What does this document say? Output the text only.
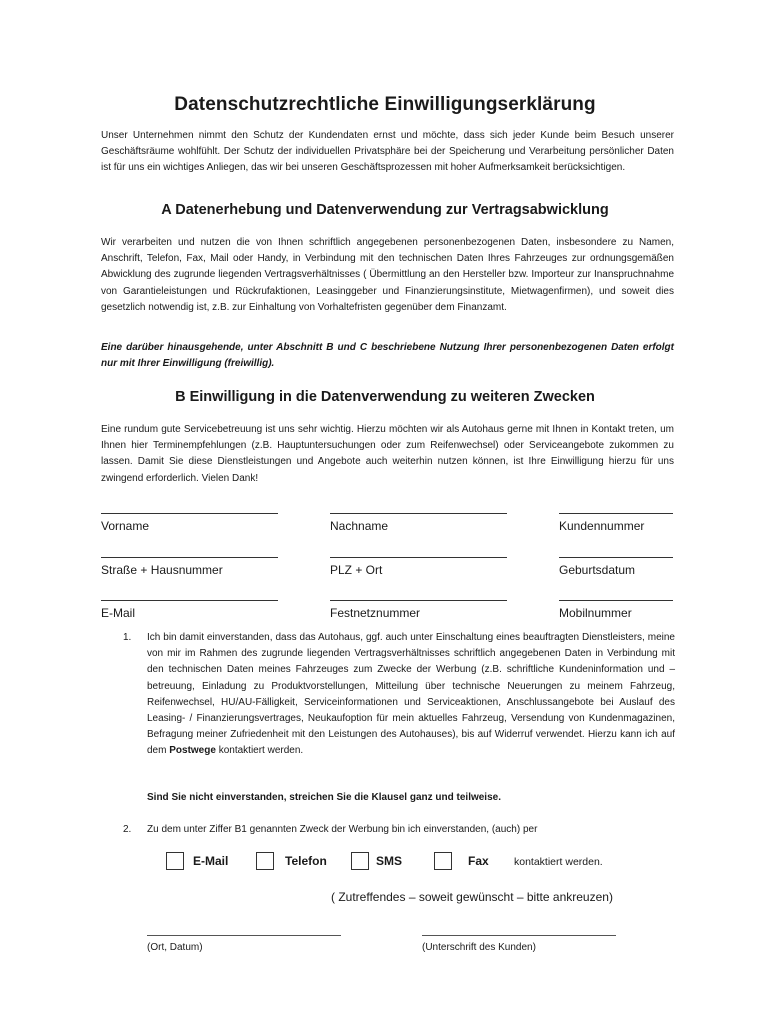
Datenschutzrechtliche Einwilligungserklärung

Unser Unternehmen nimmt den Schutz der Kundendaten ernst und möchte, dass sich jeder Kunde beim Besuch unserer Geschäftsräume wohlfühlt. Der Schutz der individuellen Privatsphäre bei der Speicherung und Verarbeitung persönlicher Daten ist für uns ein wichtiges Anliegen, das wir bei unseren Geschäftsprozessen mit hoher Aufmerksamkeit berücksichtigen.

A Datenerhebung und Datenverwendung zur Vertragsabwicklung

Wir verarbeiten und nutzen die von Ihnen schriftlich angegebenen personenbezogenen Daten, insbesondere zu Namen, Anschrift, Telefon, Fax, Mail oder Handy, in Verbindung mit den technischen Daten Ihres Fahrzeuges zur ordnungsgemäßen Abwicklung des zugrunde liegenden Vertragsverhältnisses ( Übermittlung an den Hersteller bzw. Importeur zur Inanspruchnahme von Garantieleistungen und Rückrufaktionen, Leasinggeber und Finanzierungsinstitute, Mietwagenfirmen), und soweit dies gesetzlich notwendig ist, z.B. zur Einhaltung von Vorhaltefristen gegenüber dem Finanzamt.

Eine darüber hinausgehende, unter Abschnitt B und C beschriebene Nutzung Ihrer personenbezogenen Daten erfolgt nur mit Ihrer Einwilligung (freiwillig).

B Einwilligung in die Datenverwendung zu weiteren Zwecken

Eine rundum gute Servicebetreuung ist uns sehr wichtig. Hierzu möchten wir als Autohaus gerne mit Ihnen in Kontakt treten, um Ihnen hier Terminempfehlungen (z.B. Hauptuntersuchungen oder zum Reifenwechsel) oder Serviceangebote zukommen zu lassen. Damit Sie diese Dienstleistungen und Angebote auch weiterhin nutzen können, ist Ihre Einwilligung hierzu für uns zwingend erforderlich. Vielen Dank!

Vorname	Nachname	Kundennummer
Straße + Hausnummer	PLZ + Ort	Geburtsdatum
E-Mail	Festnetznummer	Mobilnummer
1. Ich bin damit einverstanden, dass das Autohaus, ggf. auch unter Einschaltung eines beauftragten Dienstleisters, meine von mir im Rahmen des zugrunde liegenden Vertragsverhältnisses schriftlich angegebenen Daten in Verbindung mit den technischen Daten meines Fahrzeuges zum Zwecke der Werbung (z.B. schriftliche Kundeninformation und –betreuung, Einladung zu Produktvorstellungen, Mitteilung über technische Neuerungen zu meinem Fahrzeug, Reifenwechsel, HU/AU-Fälligkeit, Serviceinformationen und Serviceaktionen, Anschlussangebote bei Auslauf des Leasing- / Finanzierungsvertrages, Neukaufoption für mein aktuelles Fahrzeug, Versendung von Kundenmagazinen, Befragung meiner Zufriedenheit mit den Leistungen des Autohauses), bis auf Widerruf verwendet. Hierzu kann ich auf dem Postwege kontaktiert werden.
Sind Sie nicht einverstanden, streichen Sie die Klausel ganz und teilweise.
2. Zu dem unter Ziffer B1 genannten Zweck der Werbung bin ich einverstanden, (auch) per
E-Mail	Telefon	SMS	Fax kontaktiert werden.
( Zutreffendes – soweit gewünscht – bitte ankreuzen)
(Ort, Datum)	(Unterschrift des Kunden)
